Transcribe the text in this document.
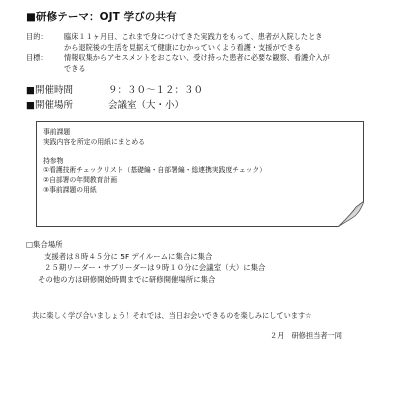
■研修テーマ：OJT 学びの共有
目的：	臨床１１ヶ月目、これまで身につけてきた実践力をもって、患者が入院したとき
から退院後の生活を見据えて健康にむかっていくよう看護・支援ができる
目標：	情報収集からアセスメントをおこない、受け持った患者に必要な観察、看護介入が
できる
■開催時間	９：３０～１２：３０
■開催場所	会議室（大・小）
事前課題
実践内容を所定の用紙にまとめる
持参物
①看護技術チェックリスト（基礎編・自部署編・総連携実践度チェック）
②自部署の年間教育計画
③事前課題の用紙
□集合場所
支援者は８時４５分に 5F デイルームに集合に集合
２５期リーダー・サブリーダーは９時１０分に会議室（大）に集合
その他の方は研修開始時間までに研修開催場所に集合
共に楽しく学び合いましょう！それでは、当日お会いできるのを楽しみにしています☆
２月　研修担当者一同
